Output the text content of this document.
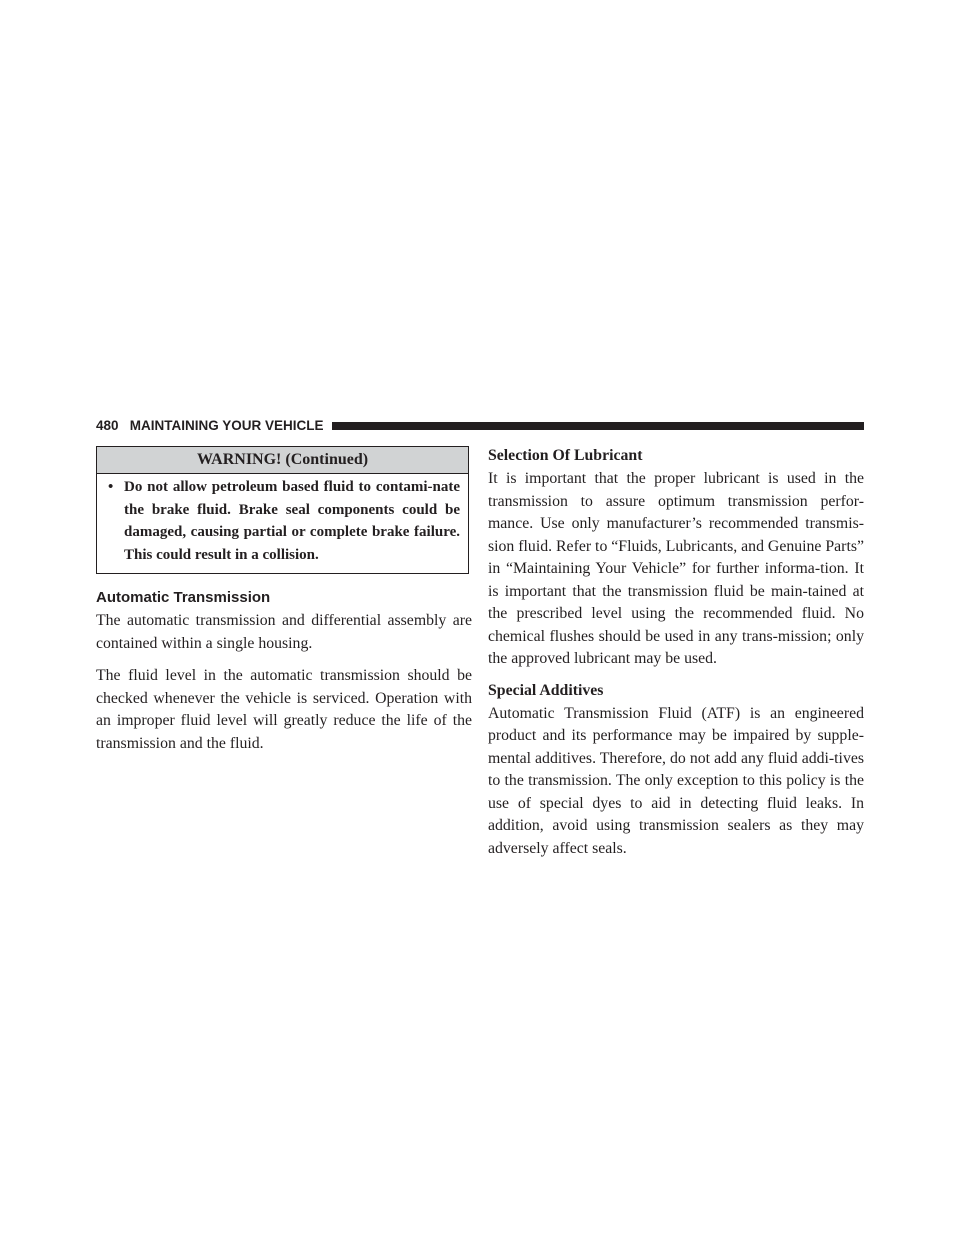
480 MAINTAINING YOUR VEHICLE
WARNING! (Continued)
• Do not allow petroleum based fluid to contami-nate the brake fluid. Brake seal components could be damaged, causing partial or complete brake failure. This could result in a collision.
Automatic Transmission

The automatic transmission and differential assembly are contained within a single housing.

The fluid level in the automatic transmission should be checked whenever the vehicle is serviced. Operation with an improper fluid level will greatly reduce the life of the transmission and the fluid.

Selection Of Lubricant

It is important that the proper lubricant is used in the transmission to assure optimum transmission perfor-mance. Use only manufacturer’s recommended transmis-sion fluid. Refer to “Fluids, Lubricants, and Genuine Parts” in “Maintaining Your Vehicle” for further informa-tion. It is important that the transmission fluid be main-tained at the prescribed level using the recommended fluid. No chemical flushes should be used in any trans-mission; only the approved lubricant may be used.

Special Additives

Automatic Transmission Fluid (ATF) is an engineered product and its performance may be impaired by supple-mental additives. Therefore, do not add any fluid addi-tives to the transmission. The only exception to this policy is the use of special dyes to aid in detecting fluid leaks. In addition, avoid using transmission sealers as they may adversely affect seals.
